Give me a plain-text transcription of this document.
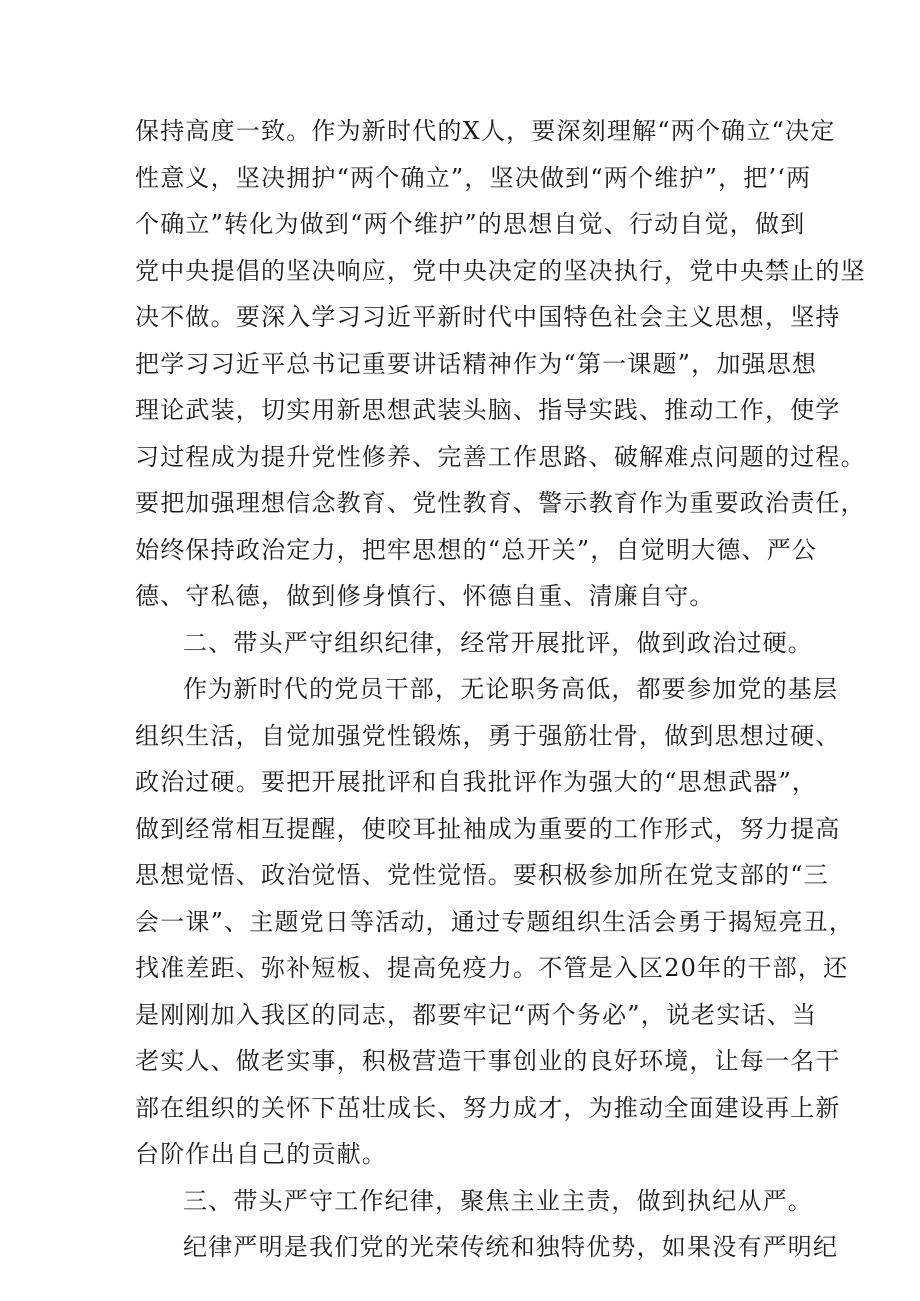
保持高度一致。作为新时代的X人，要深刻理解“两个确立“决定
性意义，坚决拥护“两个确立”，坚决做到“两个维护”，把’‘两
个确立”转化为做到“两个维护”的思想自觉、行动自觉，做到
党中央提倡的坚决响应，党中央决定的坚决执行，党中央禁止的坚
决不做。要深入学习习近平新时代中国特色社会主义思想，坚持
把学习习近平总书记重要讲话精神作为“第一课题”，加强思想
理论武装，切实用新思想武装头脑、指导实践、推动工作，使学
习过程成为提升党性修养、完善工作思路、破解难点问题的过程。
要把加强理想信念教育、党性教育、警示教育作为重要政治责任，
始终保持政治定力，把牢思想的“总开关”，自觉明大德、严公
德、守私德，做到修身慎行、怀德自重、清廉自守。
二、带头严守组织纪律，经常开展批评，做到政治过硬。
作为新时代的党员干部，无论职务高低，都要参加党的基层
组织生活，自觉加强党性锻炼，勇于强筋壮骨，做到思想过硬、
政治过硬。要把开展批评和自我批评作为强大的“思想武器”，
做到经常相互提醒，使咬耳扯袖成为重要的工作形式，努力提高
思想觉悟、政治觉悟、党性觉悟。要积极参加所在党支部的“三
会一课”、主题党日等活动，通过专题组织生活会勇于揭短亮丑，
找准差距、弥补短板、提高免疫力。不管是入区20年的干部，还
是刚刚加入我区的同志，都要牢记“两个务必”，说老实话、当
老实人、做老实事，积极营造干事创业的良好环境，让每一名干
部在组织的关怀下茁壮成长、努力成才，为推动全面建设再上新
台阶作出自己的贡献。
三、带头严守工作纪律，聚焦主业主责，做到执纪从严。
纪律严明是我们党的光荣传统和独特优势，如果没有严明纪
